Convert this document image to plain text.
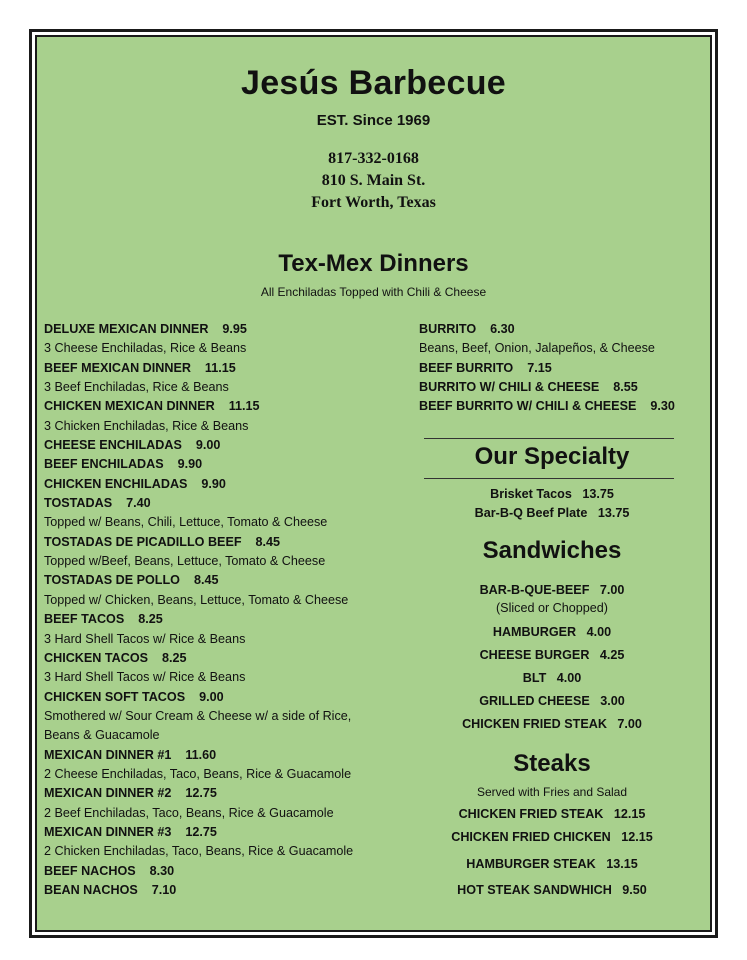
Jesús Barbecue
EST. Since 1969
817-332-0168
810 S. Main St.
Fort Worth, Texas
Tex-Mex Dinners
All Enchiladas Topped with Chili & Cheese
DELUXE MEXICAN DINNER    9.95
3 Cheese Enchiladas, Rice & Beans
BEEF MEXICAN DINNER    11.15
3 Beef Enchiladas, Rice & Beans
CHICKEN MEXICAN DINNER    11.15
3 Chicken Enchiladas, Rice & Beans
CHEESE ENCHILADAS    9.00
BEEF ENCHILADAS    9.90
CHICKEN ENCHILADAS    9.90
TOSTADAS    7.40
Topped w/ Beans, Chili, Lettuce, Tomato & Cheese
TOSTADAS DE PICADILLO BEEF    8.45
Topped w/Beef, Beans, Lettuce, Tomato & Cheese
TOSTADAS DE POLLO    8.45
Topped w/ Chicken, Beans, Lettuce, Tomato & Cheese
BEEF TACOS    8.25
3 Hard Shell Tacos w/ Rice & Beans
CHICKEN TACOS    8.25
3 Hard Shell Tacos w/ Rice & Beans
CHICKEN SOFT TACOS    9.00
Smothered w/ Sour Cream & Cheese w/ a side of Rice,
Beans & Guacamole
MEXICAN DINNER #1    11.60
2 Cheese Enchiladas, Taco, Beans, Rice & Guacamole
MEXICAN DINNER #2    12.75
2 Beef Enchiladas, Taco, Beans, Rice & Guacamole
MEXICAN DINNER #3    12.75
2 Chicken Enchiladas, Taco, Beans, Rice & Guacamole
BEEF NACHOS    8.30
BEAN NACHOS    7.10
BURRITO    6.30
Beans, Beef, Onion, Jalapeños, & Cheese
BEEF BURRITO    7.15
BURRITO W/ CHILI & CHEESE    8.55
BEEF BURRITO W/ CHILI & CHEESE    9.30
Our Specialty
Brisket Tacos   13.75
Bar-B-Q Beef Plate   13.75
Sandwiches
BAR-B-QUE-BEEF   7.00
(Sliced or Chopped)
HAMBURGER   4.00
CHEESE BURGER   4.25
BLT   4.00
GRILLED CHEESE   3.00
CHICKEN FRIED STEAK   7.00
Steaks
Served with Fries and Salad
CHICKEN FRIED STEAK   12.15
CHICKEN FRIED CHICKEN   12.15
HAMBURGER STEAK   13.15
HOT STEAK SANDWHICH   9.50
